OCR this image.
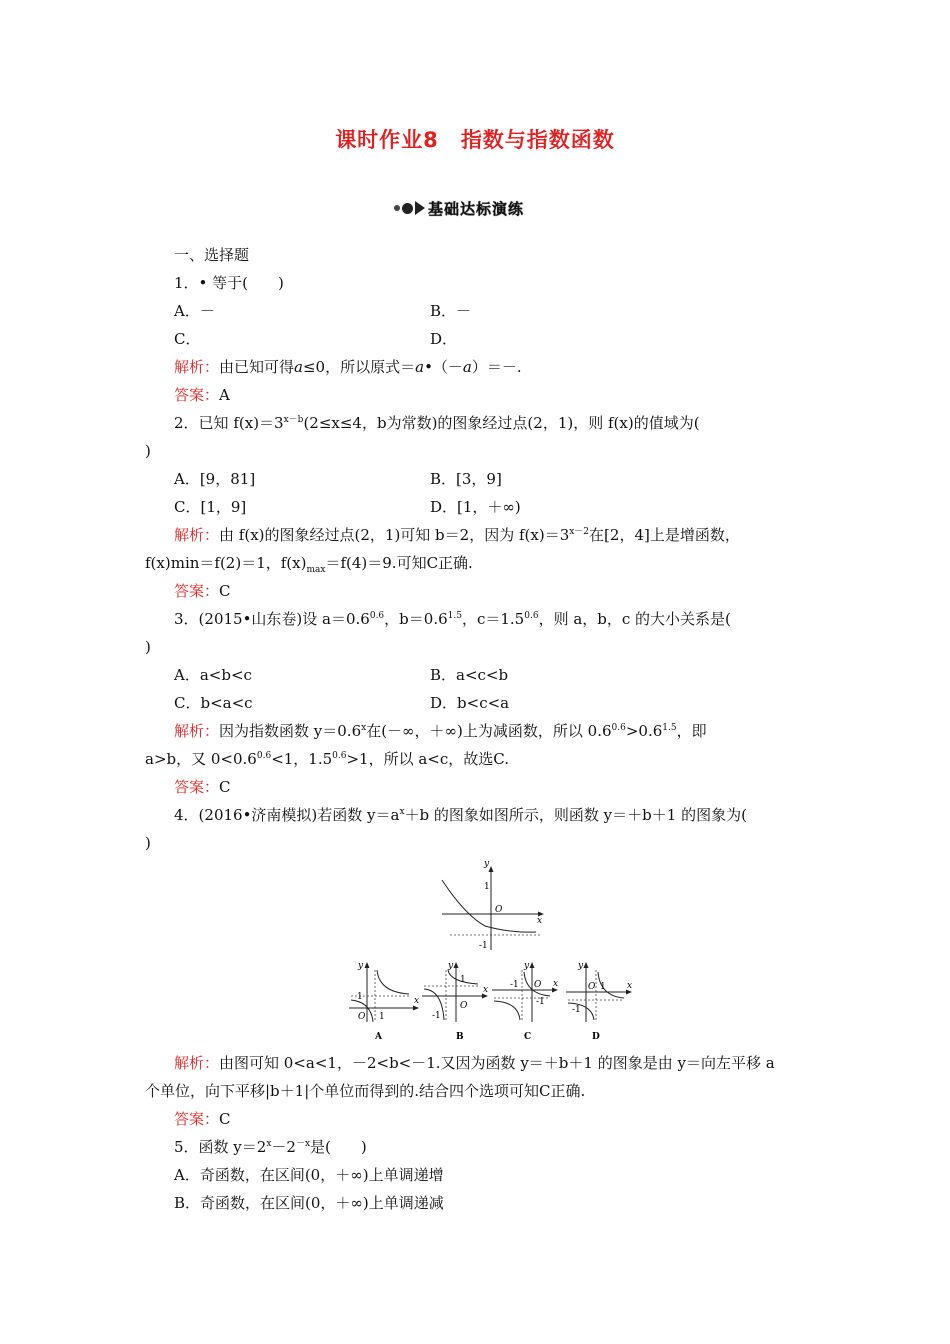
课时作业8 指数与指数函数
基础达标演练
一、选择题
1．• 等于(　　)
A．－	B．－
C．	D．
解析：由已知可得a≤0，所以原式＝a•（－a）＝－.
答案：A
2．已知 $f(x)=3^{x-b}(2\le x\le 4$，b为常数)的图象经过点(2，1)，则 f(x)的值域为(
)
A．[9，81]	B．[3，9]
C．[1，9]	D．[1，＋∞)
解析：由 f(x)的图象经过点(2，1)可知 b＝2，因为 $f(x)=3^{x-2}$在[2，4]上是增函数，
f(x)min＝f(2)＝1，$f(x)_{max}=f(4)=9$.可知C正确.
答案：C
3．(2015•山东卷)设 $a=0.6^{0.6}$，$b=0.6^{1.5}$，$c=1.5^{0.6}$，则 a，b，c 的大小关系是(
)
A．a<b<c	B．a<c<b
C．b<a<c	D．b<c<a
解析：因为指数函数 $y=0.6^x$在(－∞，＋∞)上为减函数，所以 $0.6^{0.6}>0.6^{1.5}$，即
a>b，又 $0<0.6^{0.6}<1$，$1.5^{0.6}>1$，所以 a<c，故选C.
答案：C
4．(2016•济南模拟)若函数 $y=a^x+b$ 的图象如图所示，则函数 y＝＋b＋1 的图象为(
)
y
x
O
1
-1
y
x
O
1
1
A
y
x
O
-1
1
B
y
x
O
-1
-1
C
y
x
O 1
-1
D
解析：由图可知 0<a<1，－2<b<－1.又因为函数 y＝＋b＋1 的图象是由 y＝向左平移 a
个单位，向下平移|b＋1|个单位而得到的.结合四个选项可知C正确.
答案：C
5．函数 $y=2^x-2^{-x}$是(　　)
A．奇函数，在区间(0，＋∞)上单调递增
B．奇函数，在区间(0，＋∞)上单调递减
